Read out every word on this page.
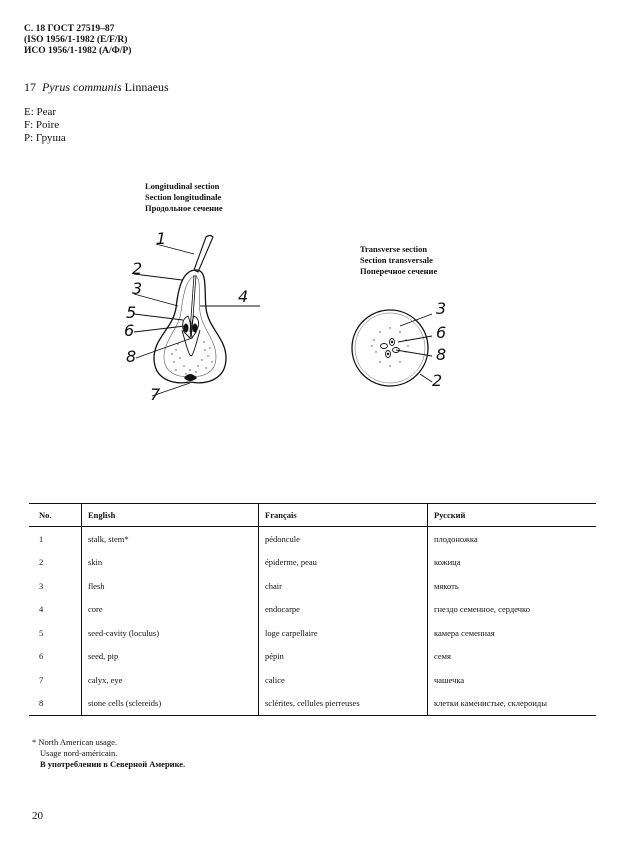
С. 18 ГОСТ 27519–87
(ISO 1956/1-1982 (E/F/R)
ИСО 1956/1-1982 (А/Ф/Р)
17 Pyrus communis Linnaeus
E: Pear
F: Poire
P: Груша
Longitudinal section
Section longitudinale
Продольное сечение
Transverse section
Section transversale
Поперечное сечение
1
2
3
5
4
6
8
7
3
6
8
2
No.	English	Français	Русский
1	stalk, stem*	pédoncule	плодоножка
2	skin	épiderme, peau	кожица
3	flesh	chair	мякоть
4	core	endocarpe	гнездо семенное, сердечко
5	seed-cavity (loculus)	loge carpellaire	камера семенная
6	seed, pip	pépin	семя
7	calyx, eye	calice	чашечка
8	stone cells (sclereids)	sclérites, cellules pierreuses	клетки каменистые, склероиды
* North American usage.
Usage nord-américain.
В употреблении в Северной Америке.
20
